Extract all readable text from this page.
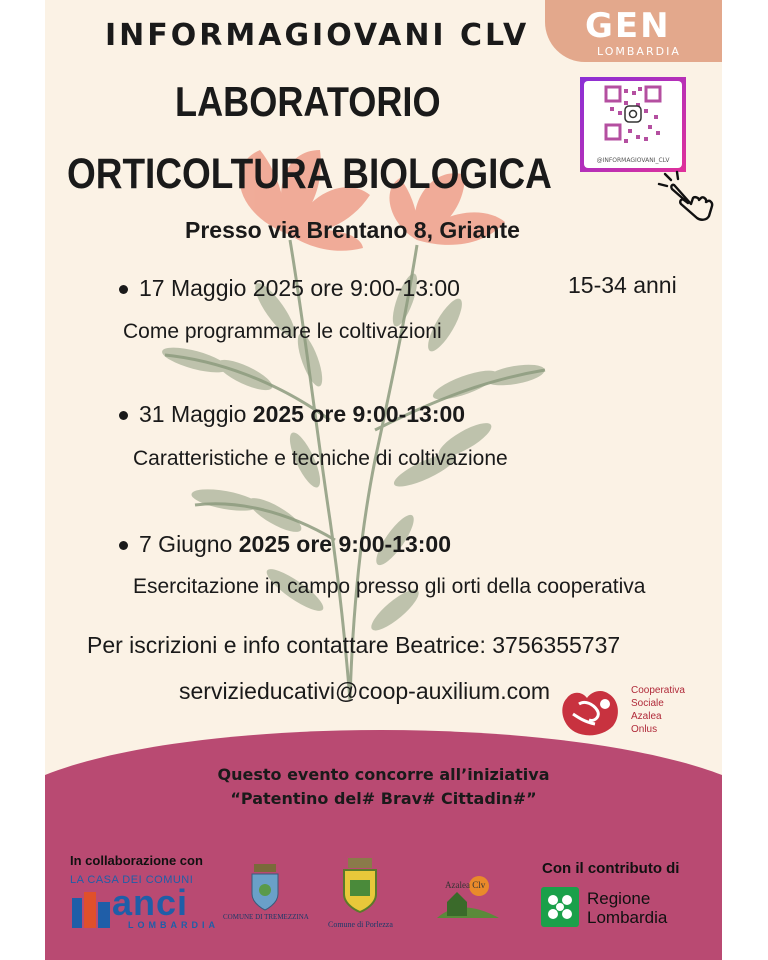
GEN
LOMBARDIA
@INFORMAGIOVANI_CLV
INFORMAGIOVANI CLV
LABORATORIO
ORTICOLTURA BIOLOGICA
Presso via Brentano 8, Griante
15-34 anni
17 Maggio 2025 ore 9:00-13:00
Come programmare le coltivazioni
31 Maggio 2025 ore 9:00-13:00
Caratteristiche e tecniche di coltivazione
7 Giugno 2025 ore 9:00-13:00
Esercitazione in campo presso gli orti della cooperativa
Per iscrizioni e info contattare Beatrice: 3756355737
servizieducativi@coop-auxilium.com	Cooperativa
Sociale
Azalea
Onlus
Questo evento concorre all’iniziativa
“Patentino del# Brav# Cittadin#”
In collaborazione con	Con il contributo di
LA CASA DEI COMUNI
anci
LOMBARDIA
COMUNE DI TREMEZZINA
Comune di Porlezza
Azalea Clv
Regione
Lombardia
